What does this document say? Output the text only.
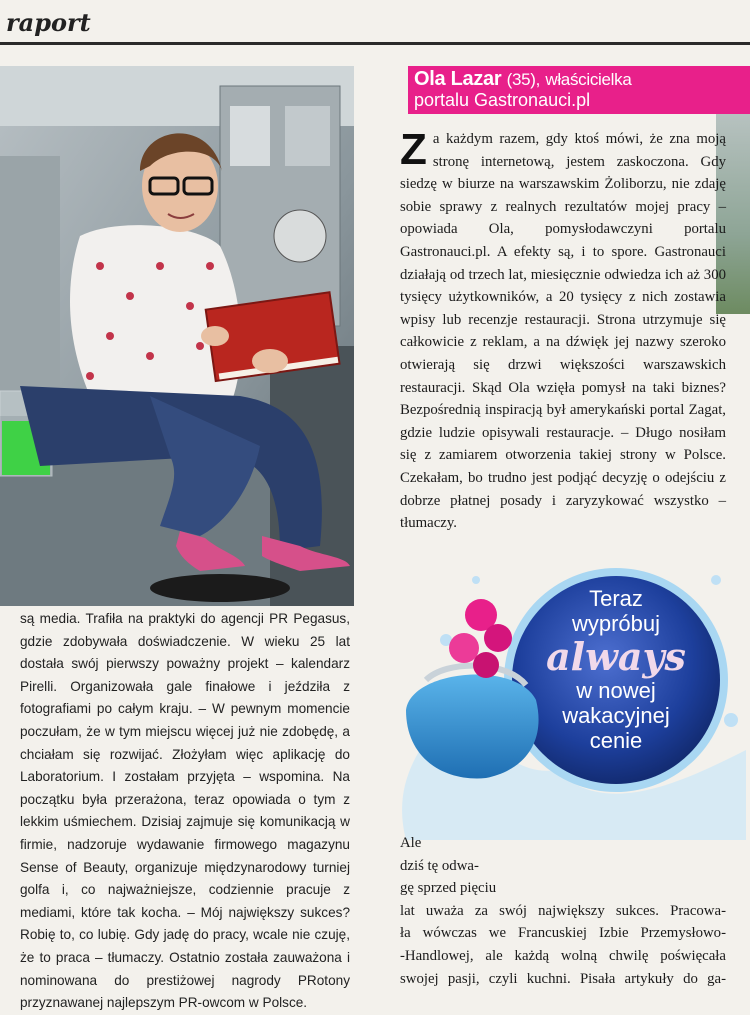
raport
Ola Lazar (35), właścicielka
portalu Gastronauci.pl

są media. Trafiła na praktyki do agencji PR Pegasus, gdzie zdobywała doświadczenie. W wieku 25 lat dostała swój pierwszy poważny projekt – kalendarz Pirelli. Organizowała gale finałowe i jeździła z fotografiami po całym kraju. – W pewnym momencie poczułam, że w tym miejscu więcej już nie zdobędę, a chciałam się rozwijać. Złożyłam więc aplikację do Laboratorium. I zostałam przyjęta – wspomina. Na początku była przerażona, teraz opowiada o tym z lekkim uśmiechem. Dzisiaj zajmuje się komunikacją w firmie, nadzoruje wydawanie firmowego magazynu Sense of Beauty, organizuje międzynarodowy turniej golfa i, co najważniejsze, codziennie pracuje z mediami, które tak kocha. – Mój największy sukces? Robię to, co lubię. Gdy jadę do pracy, wcale nie czuję, że to praca – tłumaczy. Ostatnio została zauważona i nominowana do prestiżowej nagrody PRotony przyznawanej najlepszym PR-owcom w Polsce.

Z a każdym razem, gdy ktoś mówi, że zna moją stronę internetową, jestem zaskoczona. Gdy siedzę w biurze na warszawskim Żoliborzu, nie zdaję sobie sprawy z realnych rezultatów mojej pracy – opowiada Ola, pomysłodawczyni portalu Gastronauci.pl. A efekty są, i to spore. Gastronauci działają od trzech lat, miesięcznie odwiedza ich aż 300 tysięcy użytkowników, a 20 tysięcy z nich zostawia wpisy lub recenzje restauracji. Strona utrzymuje się całkowicie z reklam, a na dźwięk jej nazwy szeroko otwierają się drzwi większości warszawskich restauracji. Skąd Ola wzięła pomysł na taki biznes? Bezpośrednią inspiracją był amerykański portal Zagat, gdzie ludzie opisywali restauracje. – Długo nosiłam się z zamiarem otworzenia takiej strony w Polsce. Czekałam, bo trudno jest podjąć decyzję o odejściu z dobrze płatnej posady i zaryzykować wszystko – tłumaczy.

Teraz
wypróbuj
always
w nowej
wakacyjnej
cenie
Ale
dziś tę odwa-
gę sprzed pięciu
lat uważa za swój największy sukces. Pracowa-
ła wówczas we Francuskiej Izbie Przemysłowo-
-Handlowej, ale każdą wolną chwilę poświęcała
swojej pasji, czyli kuchni. Pisała artykuły do ga-
